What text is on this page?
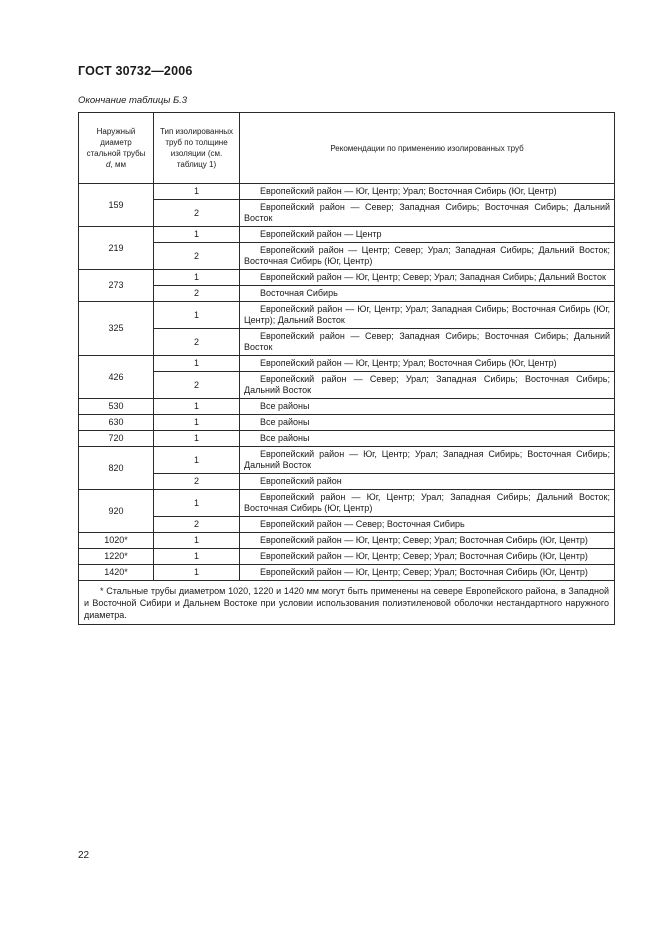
ГОСТ 30732—2006
Окончание таблицы Б.3
Наружный диаметр стальной трубы d, мм	Тип изолированных труб по толщине изоляции (см. таблицу 1)	Рекомендации по применению изолированных труб
159	1	Европейский район — Юг, Центр; Урал; Восточная Сибирь (Юг, Центр)
	2	Европейский район — Север; Западная Сибирь; Восточная Сибирь; Дальний Восток
219	1	Европейский район — Центр
	2	Европейский район — Центр; Север; Урал; Западная Сибирь; Дальний Восток; Восточная Сибирь (Юг, Центр)
273	1	Европейский район — Юг, Центр; Север; Урал; Западная Сибирь; Дальний Восток
	2	Восточная Сибирь
325	1	Европейский район — Юг, Центр; Урал; Западная Сибирь; Восточная Сибирь (Юг, Центр); Дальний Восток
	2	Европейский район — Север; Западная Сибирь; Восточная Сибирь; Дальний Восток
426	1	Европейский район — Юг, Центр; Урал; Восточная Сибирь (Юг, Центр)
	2	Европейский район — Север; Урал; Западная Сибирь; Восточная Сибирь; Дальний Восток
530	1	Все районы
630	1	Все районы
720	1	Все районы
820	1	Европейский район — Юг, Центр; Урал; Западная Сибирь; Восточная Сибирь; Дальний Восток
	2	Европейский район
920	1	Европейский район — Юг, Центр; Урал; Западная Сибирь; Дальний Восток; Восточная Сибирь (Юг, Центр)
	2	Европейский район — Север; Восточная Сибирь
1020*	1	Европейский район — Юг, Центр; Север; Урал; Восточная Сибирь (Юг, Центр)
1220*	1	Европейский район — Юг, Центр; Север; Урал; Восточная Сибирь (Юг, Центр)
1420*	1	Европейский район — Юг, Центр; Север; Урал; Восточная Сибирь (Юг, Центр)
* Стальные трубы диаметром 1020, 1220 и 1420 мм могут быть применены на севере Европейского района, в Западной и Восточной Сибири и Дальнем Востоке при условии использования полиэтиленовой оболочки нестандартного наружного диаметра.		
22
